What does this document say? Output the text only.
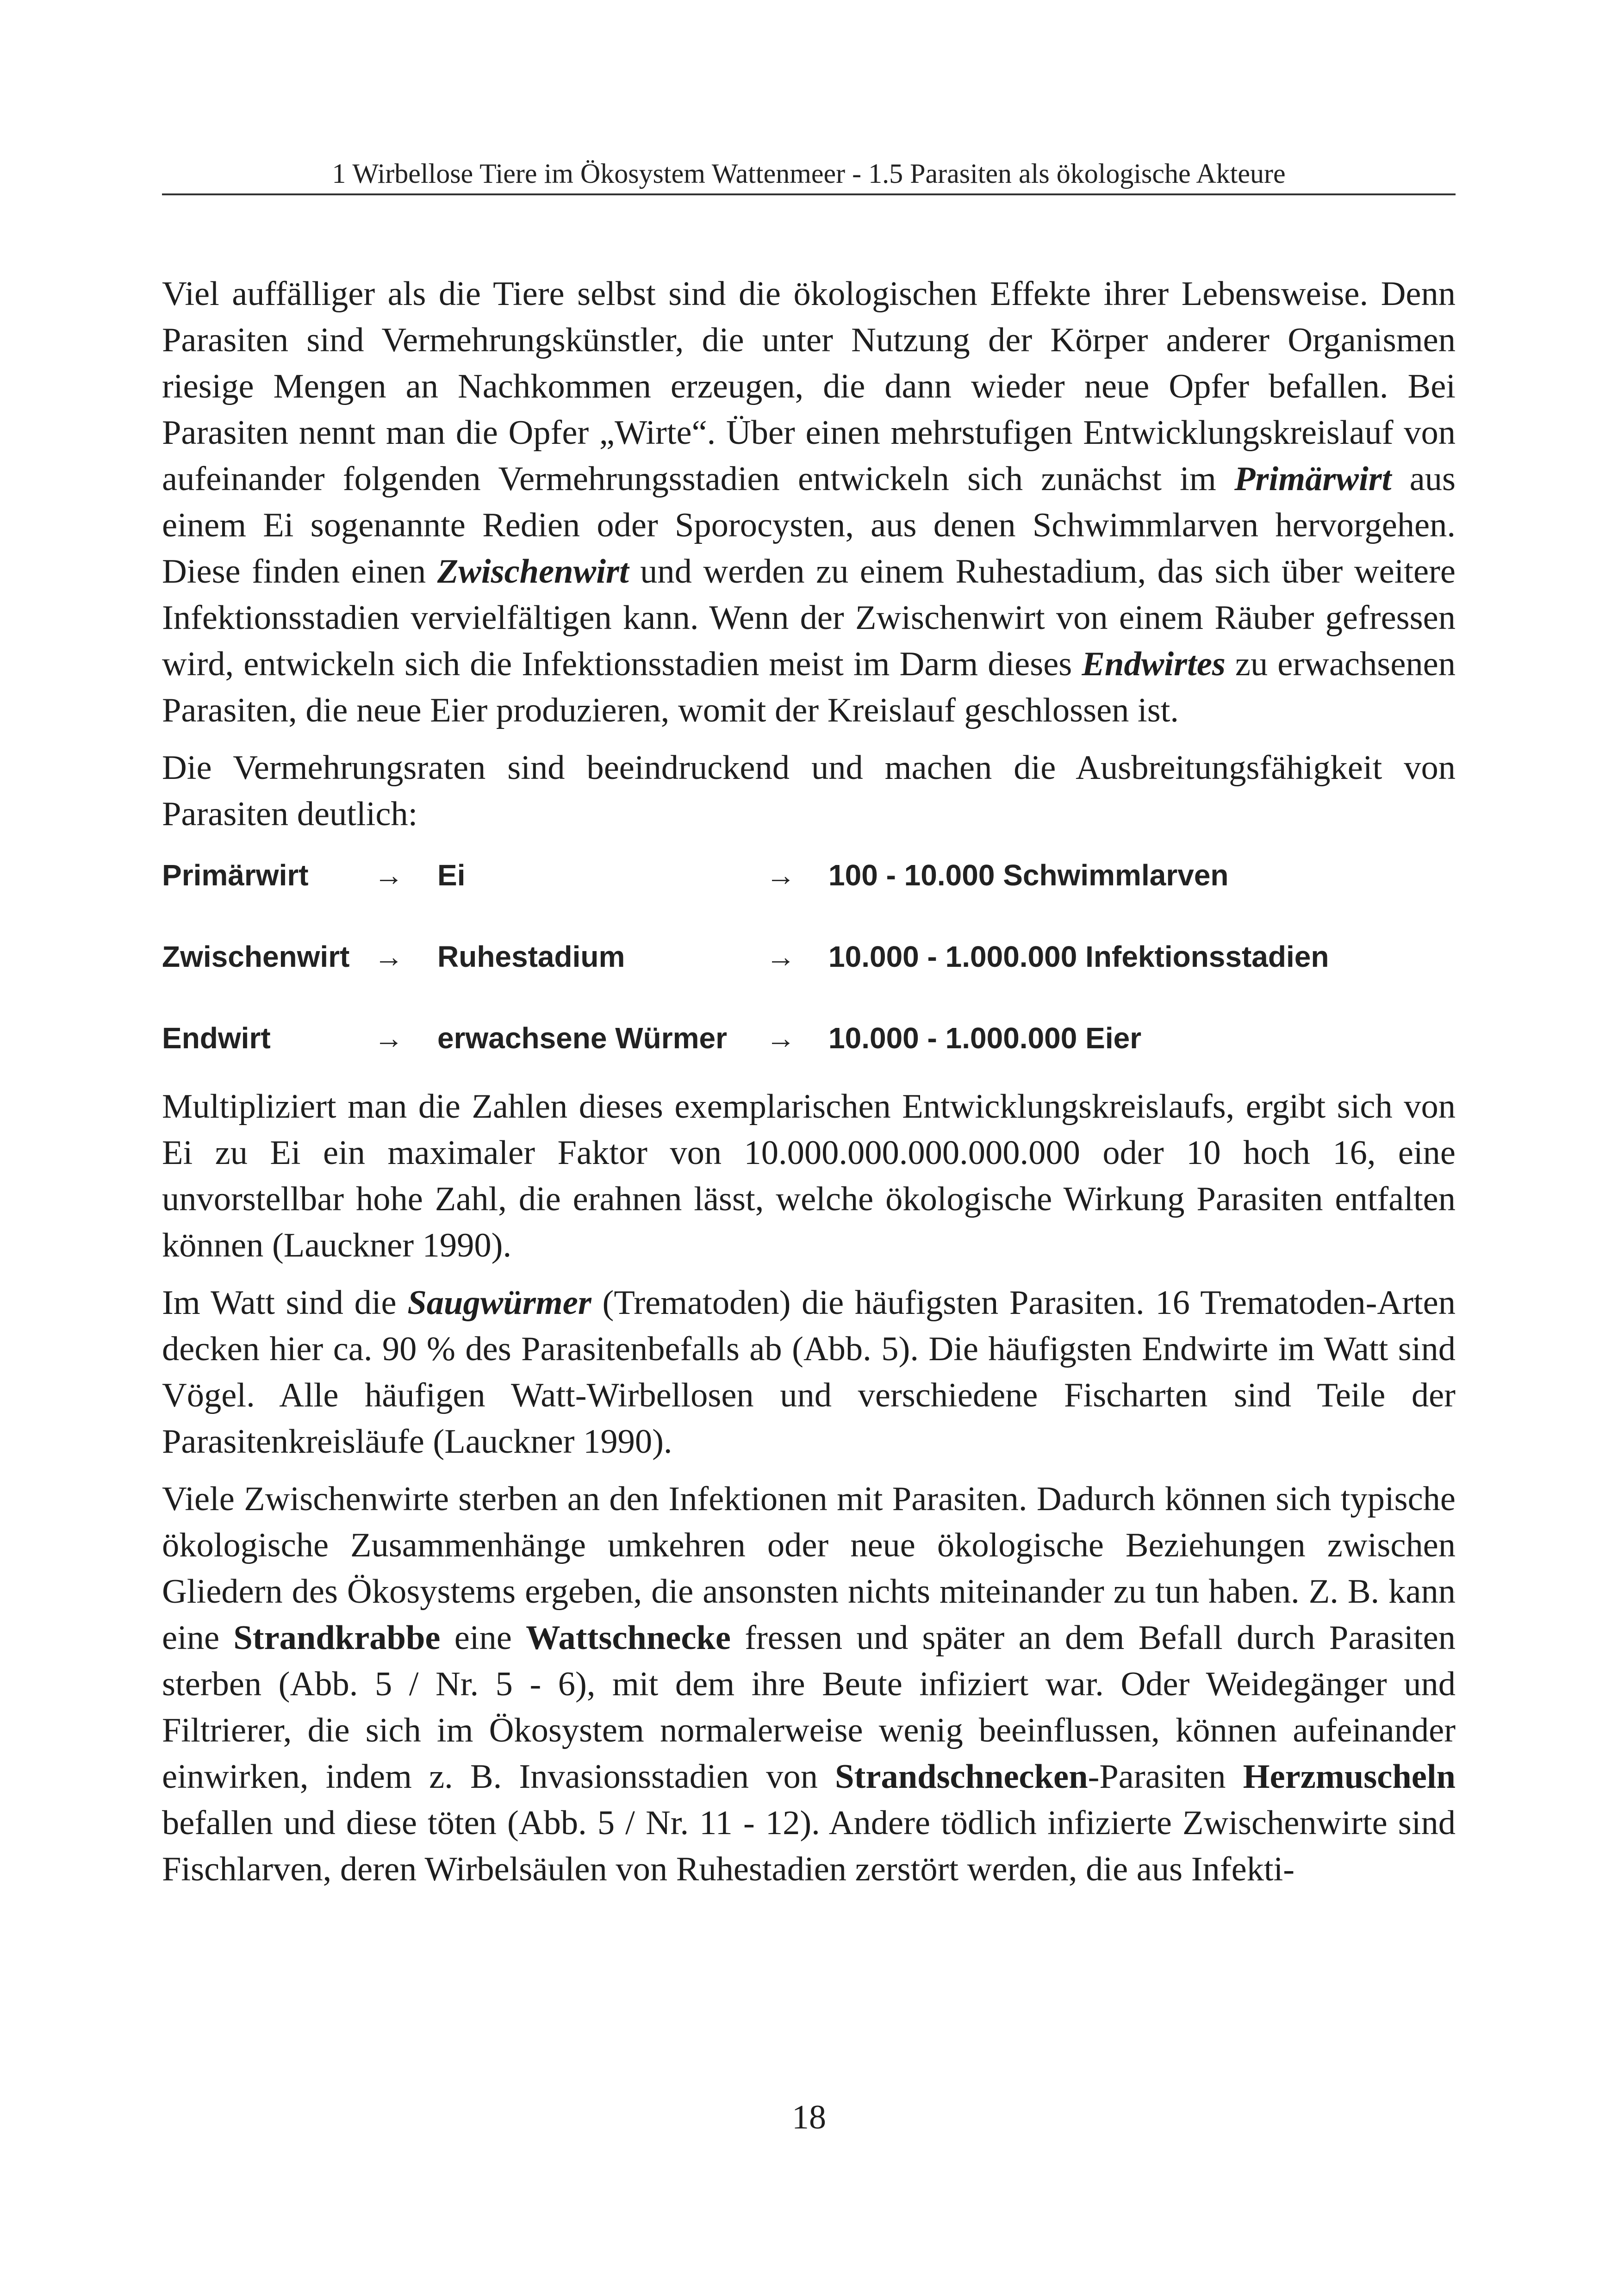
1 Wirbellose Tiere im Ökosystem Wattenmeer - 1.5 Parasiten als ökologische Akteure

Viel auffälliger als die Tiere selbst sind die ökologischen Effekte ihrer Lebensweise. Denn Parasiten sind Vermehrungskünstler, die unter Nutzung der Körper anderer Organismen riesige Mengen an Nachkommen erzeugen, die dann wieder neue Opfer befallen. Bei Parasiten nennt man die Opfer „Wirte“. Über einen mehrstufigen Entwicklungskreislauf von aufeinander folgenden Vermehrungsstadien entwickeln sich zunächst im Primärwirt aus einem Ei sogenannte Redien oder Sporocysten, aus denen Schwimmlarven hervorgehen. Diese finden einen Zwischenwirt und werden zu einem Ruhestadium, das sich über weitere Infektionsstadien vervielfältigen kann. Wenn der Zwischenwirt von einem Räuber gefressen wird, entwickeln sich die Infektionsstadien meist im Darm dieses Endwirtes zu erwachsenen Parasiten, die neue Eier produzieren, womit der Kreislauf geschlossen ist.

Die Vermehrungsraten sind beeindruckend und machen die Ausbreitungsfähigkeit von Parasiten deutlich:

Primärwirt → Ei	→ 100 - 10.000 Schwimmlarven
Zwischenwirt → Ruhestadium	→ 10.000 - 1.000.000 Infektionsstadien
Endwirt	→ erwachsene Würmer → 10.000 - 1.000.000 Eier

Multipliziert man die Zahlen dieses exemplarischen Entwicklungskreislaufs, ergibt sich von Ei zu Ei ein maximaler Faktor von 10.000.000.000.000.000 oder 10 hoch 16, eine unvorstellbar hohe Zahl, die erahnen lässt, welche ökologische Wirkung Parasiten entfalten können (Lauckner 1990).

Im Watt sind die Saugwürmer (Trematoden) die häufigsten Parasiten. 16 Trematoden-Arten decken hier ca. 90 % des Parasitenbefalls ab (Abb. 5). Die häufigsten Endwirte im Watt sind Vögel. Alle häufigen Watt-Wirbellosen und verschiedene Fischarten sind Teile der Parasitenkreisläufe (Lauckner 1990).

Viele Zwischenwirte sterben an den Infektionen mit Parasiten. Dadurch können sich typische ökologische Zusammenhänge umkehren oder neue ökologische Beziehungen zwischen Gliedern des Ökosystems ergeben, die ansonsten nichts miteinander zu tun haben. Z. B. kann eine Strandkrabbe eine Wattschnecke fressen und später an dem Befall durch Parasiten sterben (Abb. 5 / Nr. 5 - 6), mit dem ihre Beute infiziert war. Oder Weidegänger und Filtrierer, die sich im Ökosystem normalerweise wenig beeinflussen, können aufeinander einwirken, indem z. B. Invasionsstadien von Strandschnecken-Parasiten Herzmuscheln befallen und diese töten (Abb. 5 / Nr. 11 - 12). Andere tödlich infizierte Zwischenwirte sind Fischlarven, deren Wirbelsäulen von Ruhestadien zerstört werden, die aus Infekti-

18
